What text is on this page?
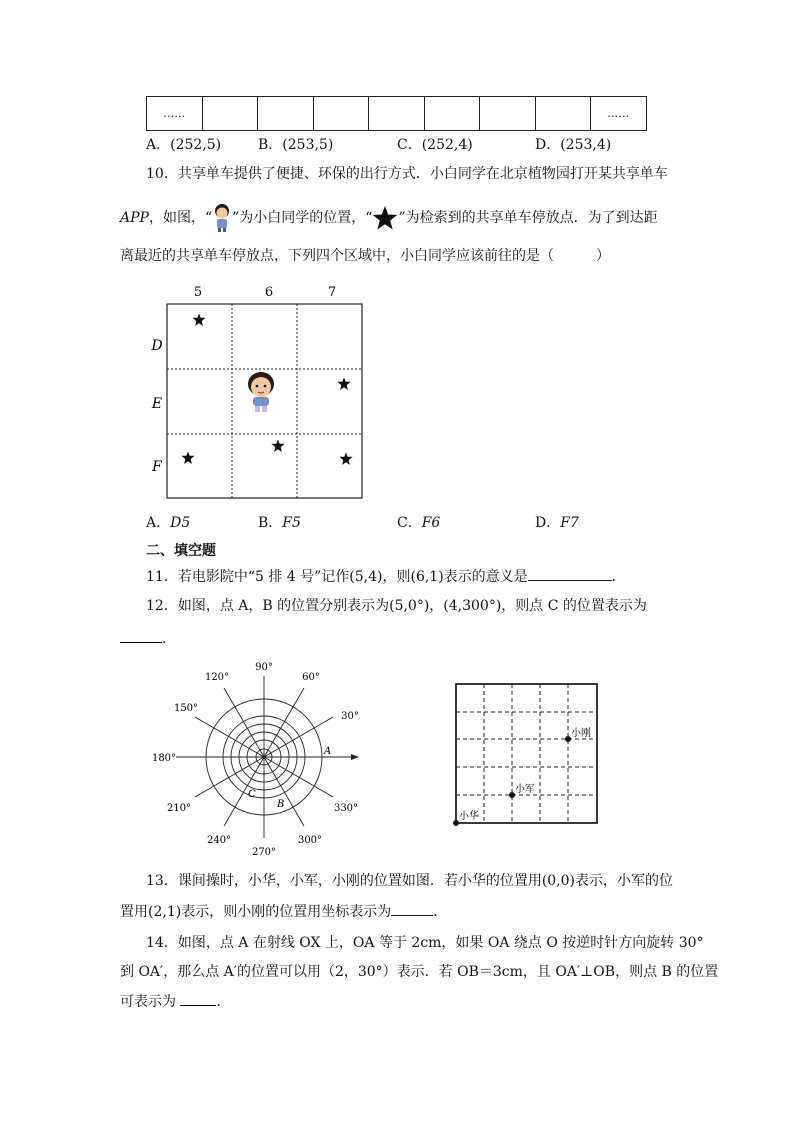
……								……
A．(252,5)	B．(253,5)	C．(252,4)	D．(253,4)
10．共享单车提供了便捷、环保的出行方式．小白同学在北京植物园打开某共享单车
APP，如图，“ ”为小白同学的位置，“ ”为检索到的共享单车停放点．为了到达距
离最近的共享单车停放点，下列四个区域中，小白同学应该前往的是（　　　）
5	6	7
D
E
F
A．D5	B．F5	C．F6	D．F7
二、填空题
11．若电影院中“5 排 4 号”记作(5,4)，则(6,1)表示的意义是	．
12．如图，点 A，B 的位置分别表示为(5,0°)，(4,300°)，则点 C 的位置表示为
．
90°
60°
30°
180°
330°
300°
270°
240°
210°
150°
120°
A
B
C
小刚
小军
小华
13．课间操时，小华，小军，小刚的位置如图．若小华的位置用(0,0)表示，小军的位
置用(2,1)表示，则小刚的位置用坐标表示为	．
14．如图，点 A 在射线 OX 上，OA 等于 2cm，如果 OA 绕点 O 按逆时针方向旋转 30°
到 OA′，那么点 A′的位置可以用（2，30°）表示．若 OB＝3cm，且 OA′⊥OB，则点 B 的位置
可表示为	．
